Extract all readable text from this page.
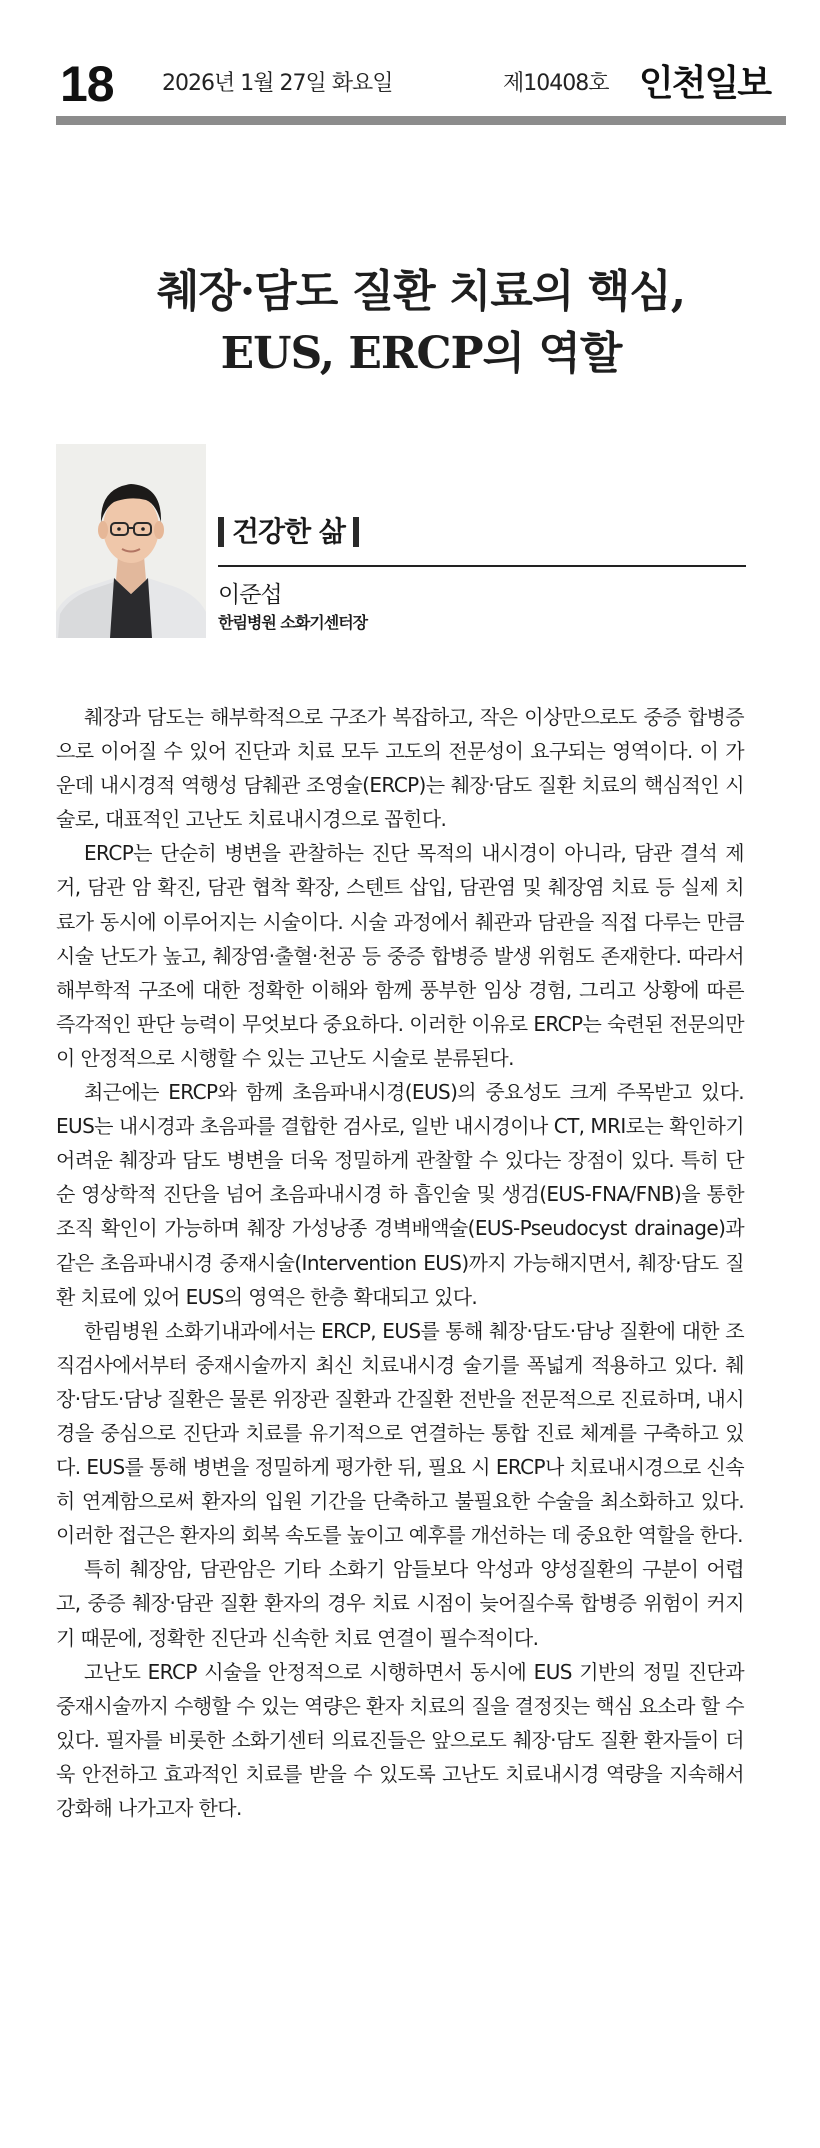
18 2026년 1월 27일 화요일	제10408호 인천일보
췌장·담도 질환 치료의 핵심,
EUS, ERCP의 역할
건강한 삶
이준섭
한림병원 소화기센터장

췌장과 담도는 해부학적으로 구조가 복잡하고, 작은 이상만으로도 중증 합병증으로 이어질 수 있어 진단과 치료 모두 고도의 전문성이 요구되는 영역이다. 이 가운데 내시경적 역행성 담췌관 조영술(ERCP)는 췌장·담도 질환 치료의 핵심적인 시술로, 대표적인 고난도 치료내시경으로 꼽힌다.

ERCP는 단순히 병변을 관찰하는 진단 목적의 내시경이 아니라, 담관 결석 제거, 담관 암 확진, 담관 협착 확장, 스텐트 삽입, 담관염 및 췌장염 치료 등 실제 치료가 동시에 이루어지는 시술이다. 시술 과정에서 췌관과 담관을 직접 다루는 만큼 시술 난도가 높고, 췌장염·출혈·천공 등 중증 합병증 발생 위험도 존재한다. 따라서 해부학적 구조에 대한 정확한 이해와 함께 풍부한 임상 경험, 그리고 상황에 따른 즉각적인 판단 능력이 무엇보다 중요하다. 이러한 이유로 ERCP는 숙련된 전문의만이 안정적으로 시행할 수 있는 고난도 시술로 분류된다.

최근에는 ERCP와 함께 초음파내시경(EUS)의 중요성도 크게 주목받고 있다. EUS는 내시경과 초음파를 결합한 검사로, 일반 내시경이나 CT, MRI로는 확인하기 어려운 췌장과 담도 병변을 더욱 정밀하게 관찰할 수 있다는 장점이 있다. 특히 단순 영상학적 진단을 넘어 초음파내시경 하 흡인술 및 생검(EUS-FNA/FNB)을 통한 조직 확인이 가능하며 췌장 가성낭종 경벽배액술(EUS-Pseudocyst drainage)과 같은 초음파내시경 중재시술(Intervention EUS)까지 가능해지면서, 췌장·담도 질환 치료에 있어 EUS의 영역은 한층 확대되고 있다.

한림병원 소화기내과에서는 ERCP, EUS를 통해 췌장·담도·담낭 질환에 대한 조직검사에서부터 중재시술까지 최신 치료내시경 술기를 폭넓게 적용하고 있다. 췌장·담도·담낭 질환은 물론 위장관 질환과 간질환 전반을 전문적으로 진료하며, 내시경을 중심으로 진단과 치료를 유기적으로 연결하는 통합 진료 체계를 구축하고 있다. EUS를 통해 병변을 정밀하게 평가한 뒤, 필요 시 ERCP나 치료내시경으로 신속히 연계함으로써 환자의 입원 기간을 단축하고 불필요한 수술을 최소화하고 있다. 이러한 접근은 환자의 회복 속도를 높이고 예후를 개선하는 데 중요한 역할을 한다.

특히 췌장암, 담관암은 기타 소화기 암들보다 악성과 양성질환의 구분이 어렵고, 중증 췌장·담관 질환 환자의 경우 치료 시점이 늦어질수록 합병증 위험이 커지기 때문에, 정확한 진단과 신속한 치료 연결이 필수적이다.

고난도 ERCP 시술을 안정적으로 시행하면서 동시에 EUS 기반의 정밀 진단과 중재시술까지 수행할 수 있는 역량은 환자 치료의 질을 결정짓는 핵심 요소라 할 수 있다. 필자를 비롯한 소화기센터 의료진들은 앞으로도 췌장·담도 질환 환자들이 더욱 안전하고 효과적인 치료를 받을 수 있도록 고난도 치료내시경 역량을 지속해서 강화해 나가고자 한다.
